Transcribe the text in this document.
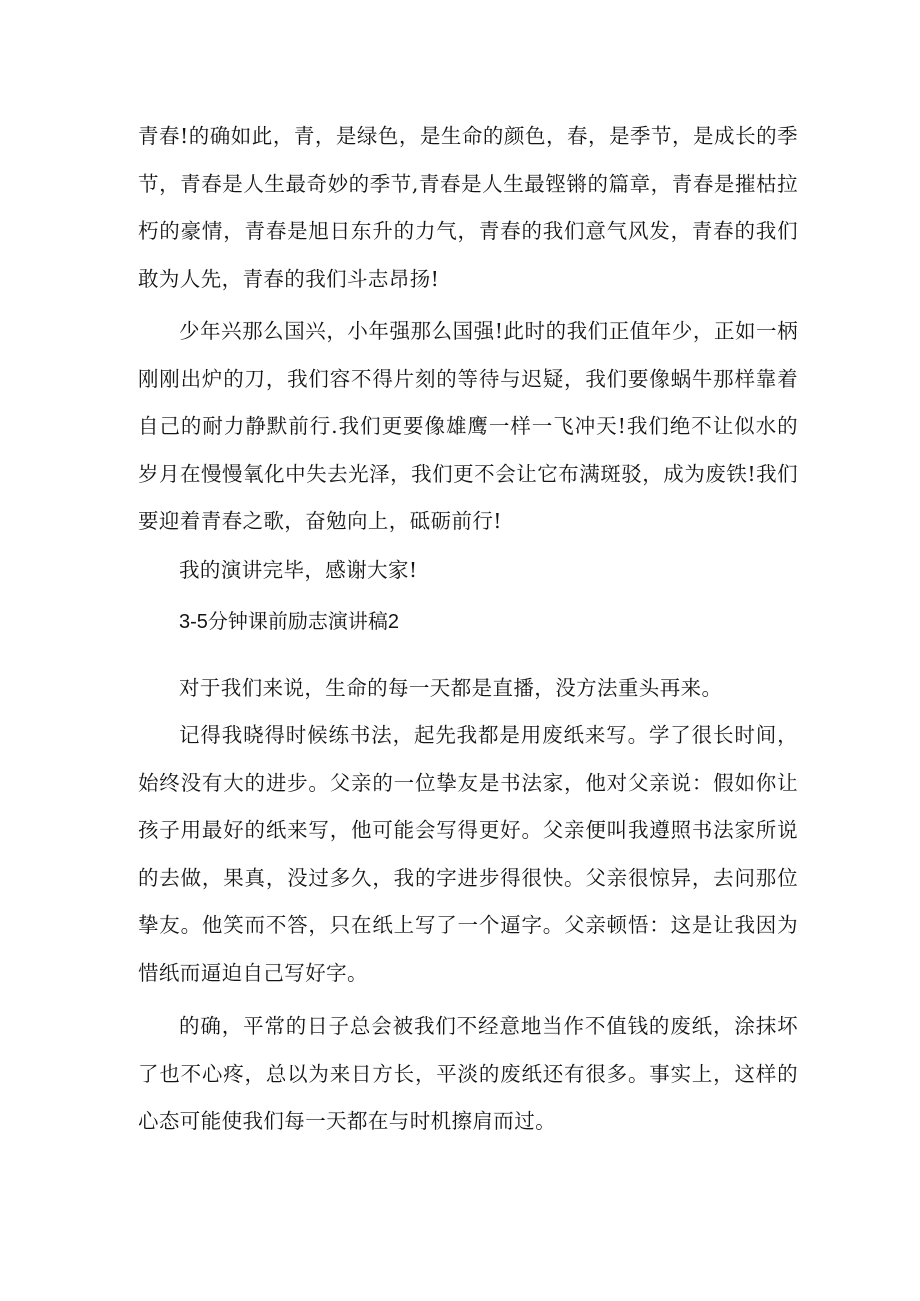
青春!的确如此，青，是绿色，是生命的颜色，春，是季节，是成长的季节，青春是人生最奇妙的季节,青春是人生最铿锵的篇章，青春是摧枯拉朽的豪情，青春是旭日东升的力气，青春的我们意气风发，青春的我们敢为人先，青春的我们斗志昂扬!

少年兴那么国兴，小年强那么国强!此时的我们正值年少，正如一柄刚刚出炉的刀，我们容不得片刻的等待与迟疑，我们要像蜗牛那样靠着自己的耐力静默前行.我们更要像雄鹰一样一飞冲天!我们绝不让似水的岁月在慢慢氧化中失去光泽，我们更不会让它布满斑驳，成为废铁!我们要迎着青春之歌，奋勉向上，砥砺前行!

我的演讲完毕，感谢大家!

3-5分钟课前励志演讲稿2

对于我们来说，生命的每一天都是直播，没方法重头再来。

记得我晓得时候练书法，起先我都是用废纸来写。学了很长时间，始终没有大的进步。父亲的一位挚友是书法家，他对父亲说：假如你让孩子用最好的纸来写，他可能会写得更好。父亲便叫我遵照书法家所说的去做，果真，没过多久，我的字进步得很快。父亲很惊异，去问那位挚友。他笑而不答，只在纸上写了一个逼字。父亲顿悟：这是让我因为惜纸而逼迫自己写好字。

的确，平常的日子总会被我们不经意地当作不值钱的废纸，涂抹坏了也不心疼，总以为来日方长，平淡的废纸还有很多。事实上，这样的心态可能使我们每一天都在与时机擦肩而过。
